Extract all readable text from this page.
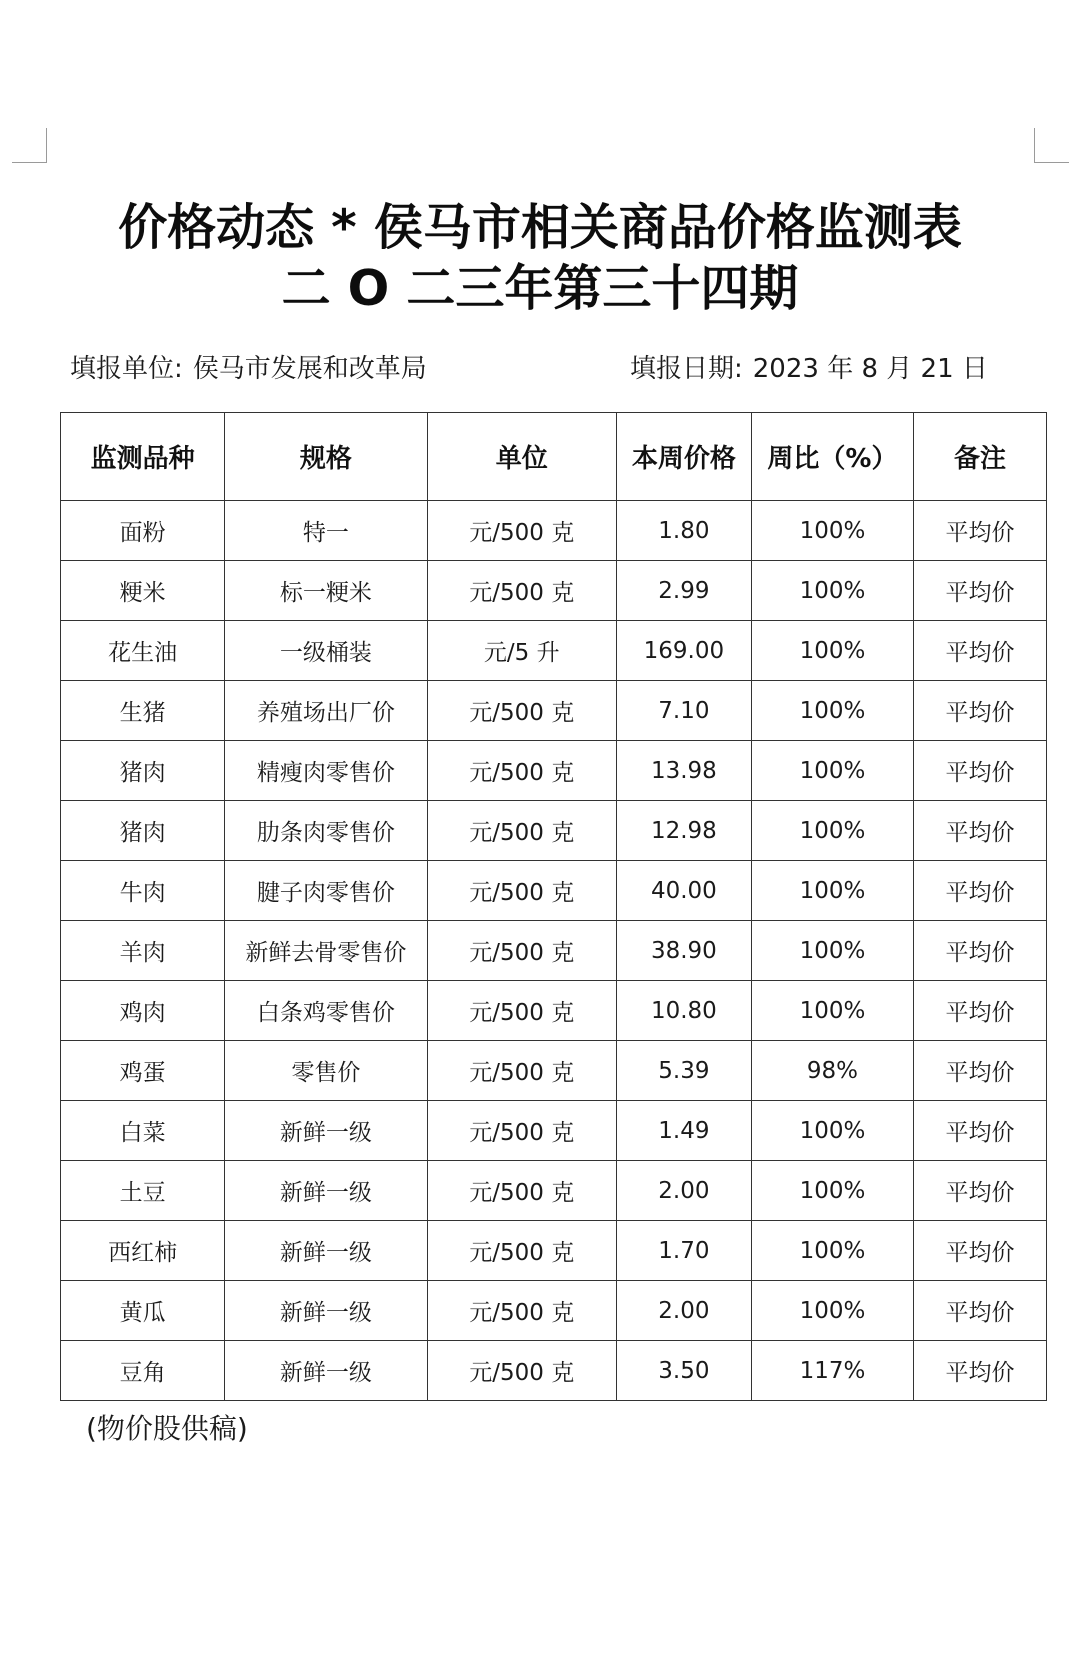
价格动态 * 侯马市相关商品价格监测表
二 O 二三年第三十四期
填报单位: 侯马市发展和改革局	填报日期: 2023 年 8 月 21 日
监测品种	规格	单位	本周价格	周比（%）	备注
面粉	特一	元/500 克	1.80	100%	平均价
粳米	标一粳米	元/500 克	2.99	100%	平均价
花生油	一级桶装	元/5 升	169.00	100%	平均价
生猪	养殖场出厂价	元/500 克	7.10	100%	平均价
猪肉	精瘦肉零售价	元/500 克	13.98	100%	平均价
猪肉	肋条肉零售价	元/500 克	12.98	100%	平均价
牛肉	腱子肉零售价	元/500 克	40.00	100%	平均价
羊肉	新鲜去骨零售价	元/500 克	38.90	100%	平均价
鸡肉	白条鸡零售价	元/500 克	10.80	100%	平均价
鸡蛋	零售价	元/500 克	5.39	98%	平均价
白菜	新鲜一级	元/500 克	1.49	100%	平均价
土豆	新鲜一级	元/500 克	2.00	100%	平均价
西红柿	新鲜一级	元/500 克	1.70	100%	平均价
黄瓜	新鲜一级	元/500 克	2.00	100%	平均价
豆角	新鲜一级	元/500 克	3.50	117%	平均价
(物价股供稿)
